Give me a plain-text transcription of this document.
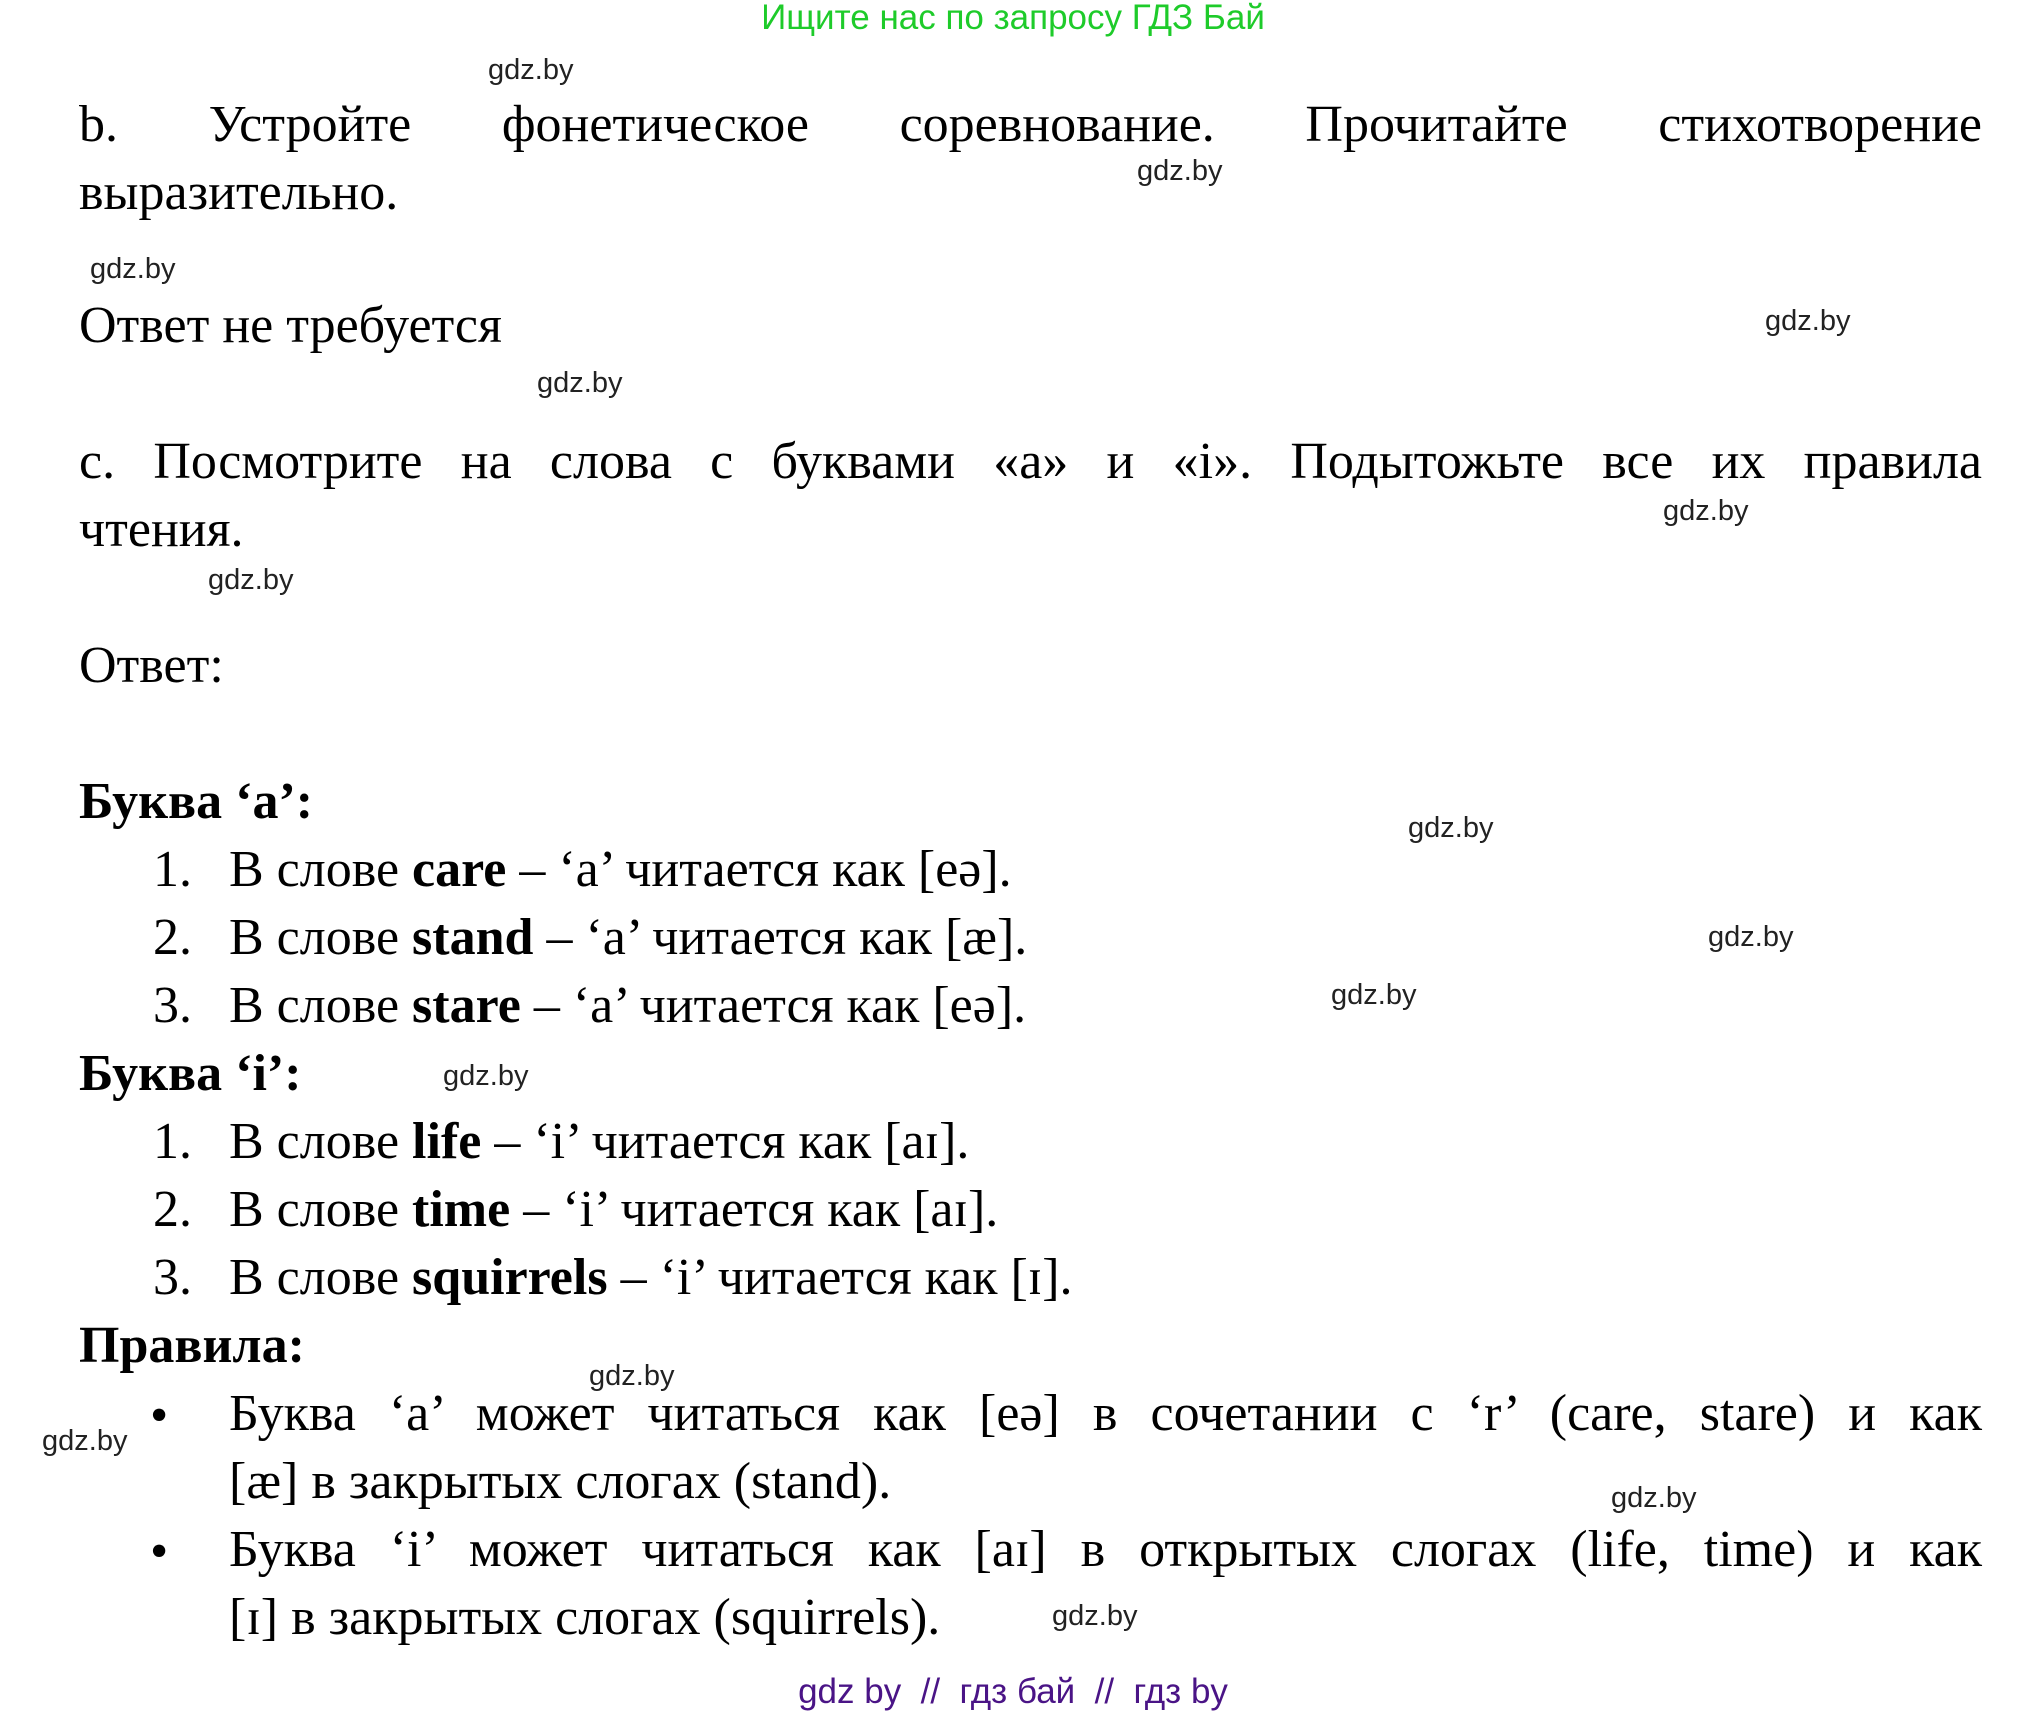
Ищите нас по запросу ГДЗ Бай
b. Устройте фонетическое соревнование. Прочитайте стихотворение
выразительно.
Ответ не требуется
c. Посмотрите на слова с буквами «a» и «i». Подытожьте все их правила
чтения.
Ответ:
Буква ‘a’:
1. В слове care – ‘a’ читается как [eə].
2. В слове stand – ‘a’ читается как [æ].
3. В слове stare – ‘a’ читается как [eə].
Буква ‘i’:
1. В слове life – ‘i’ читается как [aɪ].
2. В слове time – ‘i’ читается как [aɪ].
3. В слове squirrels – ‘i’ читается как [ɪ].
Правила:
• Буква ‘a’ может читаться как [eə] в сочетании с ‘r’ (care, stare) и как
[æ] в закрытых слогах (stand).
• Буква ‘i’ может читаться как [aɪ] в открытых слогах (life, time) и как
[ɪ] в закрытых слогах (squirrels).
gdz.by
gdz.by
gdz.by
gdz.by
gdz.by
gdz.by
gdz.by
gdz.by
gdz.by
gdz.by
gdz.by
gdz.by
gdz.by
gdz.by
gdz.by
gdz by  //  гдз бай  //  гдз by
